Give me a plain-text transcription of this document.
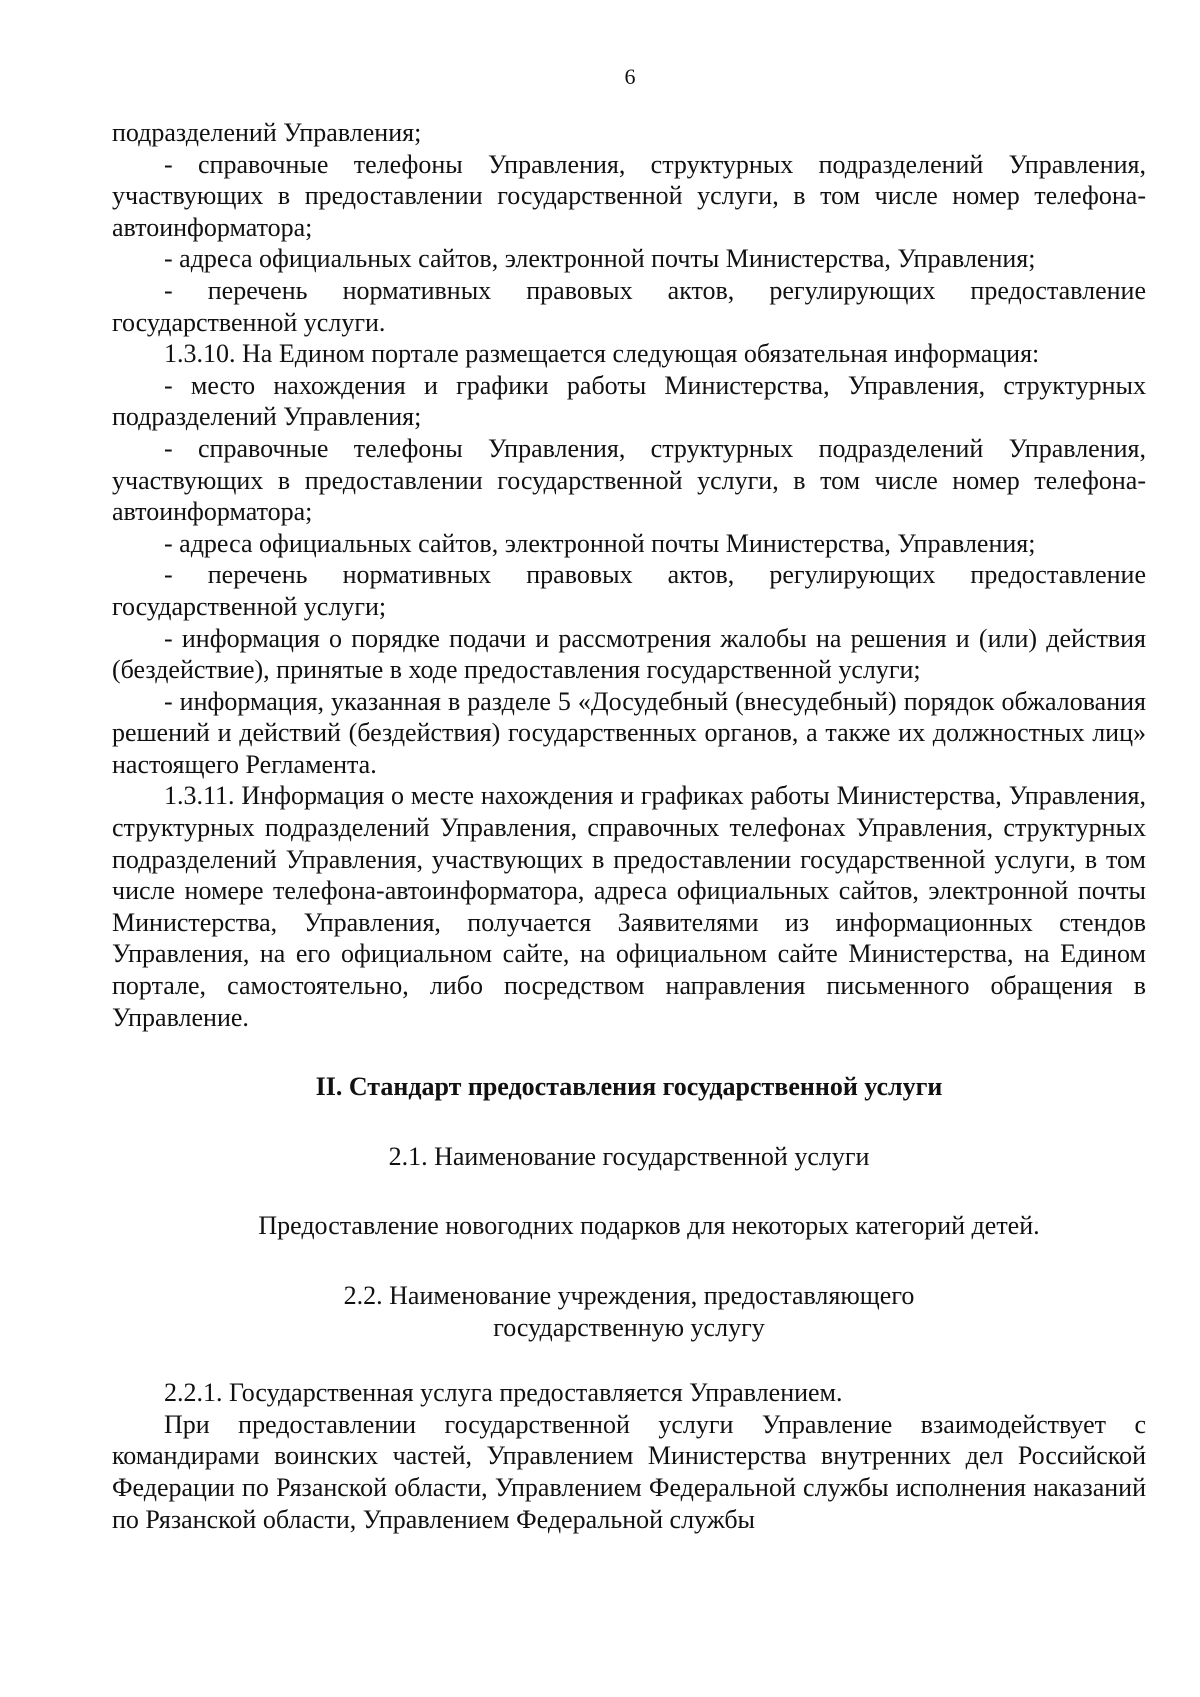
6

подразделений Управления;

- справочные телефоны Управления, структурных подразделений Управления, участвующих в предоставлении государственной услуги, в том числе номер телефона-автоинформатора;

- адреса официальных сайтов, электронной почты Министерства, Управления;

- перечень нормативных правовых актов, регулирующих предоставление государственной услуги.

1.3.10. На Едином портале размещается следующая обязательная информация:

- место нахождения и графики работы Министерства, Управления, структурных подразделений Управления;

- справочные телефоны Управления, структурных подразделений Управления, участвующих в предоставлении государственной услуги, в том числе номер телефона-автоинформатора;

- адреса официальных сайтов, электронной почты Министерства, Управления;

- перечень нормативных правовых актов, регулирующих предоставление государственной услуги;

- информация о порядке подачи и рассмотрения жалобы на решения и (или) действия (бездействие), принятые в ходе предоставления государственной услуги;

- информация, указанная в разделе 5 «Досудебный (внесудебный) порядок обжалования решений и действий (бездействия) государственных органов, а также их должностных лиц» настоящего Регламента.

1.3.11. Информация о месте нахождения и графиках работы Министерства, Управления, структурных подразделений Управления, справочных телефонах Управления, структурных подразделений Управления, участвующих в предоставлении государственной услуги, в том числе номере телефона-автоинформатора, адреса официальных сайтов, электронной почты Министерства, Управления, получается Заявителями из информационных стендов Управления, на его официальном сайте, на официальном сайте Министерства, на Едином портале, самостоятельно, либо посредством направления письменного обращения в Управление.

II. Стандарт предоставления государственной услуги

2.1. Наименование государственной услуги

Предоставление новогодних подарков для некоторых категорий детей.

2.2. Наименование учреждения, предоставляющего
государственную услугу

2.2.1. Государственная услуга предоставляется Управлением.

При предоставлении государственной услуги Управление взаимодействует с командирами воинских частей, Управлением Министерства внутренних дел Российской Федерации по Рязанской области, Управлением Федеральной службы исполнения наказаний по Рязанской области, Управлением Федеральной службы
